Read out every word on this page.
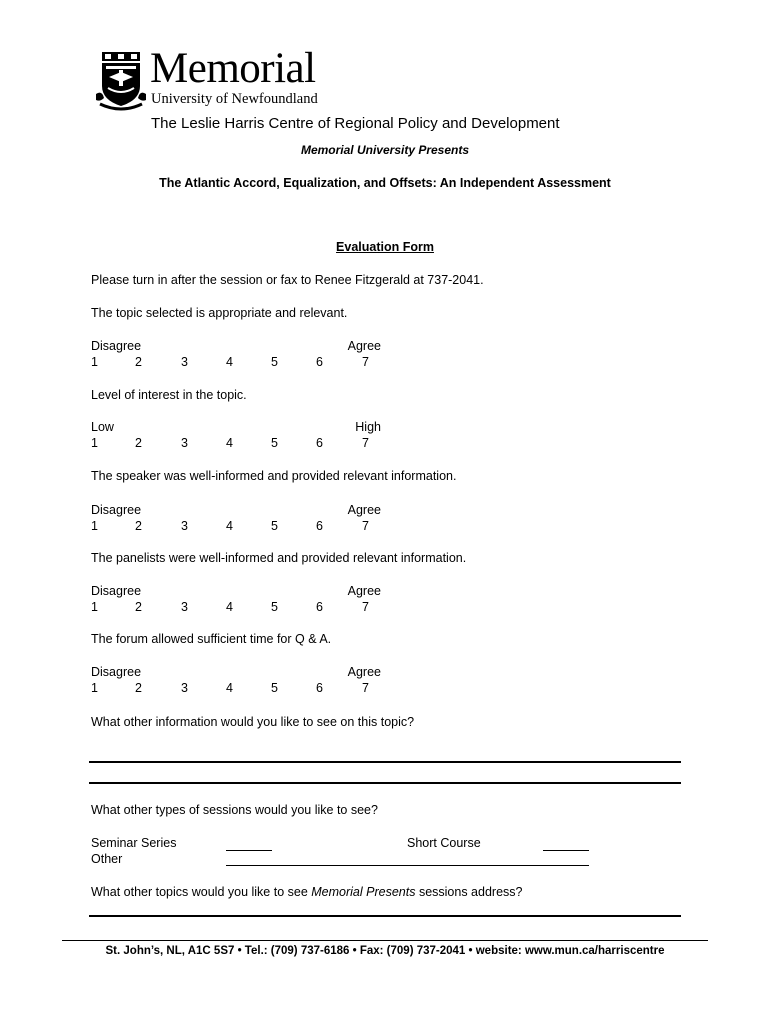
Memorial
University of Newfoundland
The Leslie Harris Centre of Regional Policy and Development
Memorial University Presents
The Atlantic Accord, Equalization, and Offsets: An Independent Assessment
Evaluation Form
Please turn in after the session or fax to Renee Fitzgerald at 737-2041.
The topic selected is appropriate and relevant.
Disagree	Agree
1	2	3	4	5	6	7
Level of interest in the topic.
Low	High
1	2	3	4	5	6	7
The speaker was well-informed and provided relevant information.
Disagree	Agree
1	2	3	4	5	6	7
The panelists were well-informed and provided relevant information.
Disagree	Agree
1	2	3	4	5	6	7
The forum allowed sufficient time for Q & A.
Disagree	Agree
1	2	3	4	5	6	7
What other information would you like to see on this topic?
What other types of sessions would you like to see?
Seminar Series	Short Course
Other
What other topics would you like to see Memorial Presents sessions address?
St. John’s, NL, A1C 5S7 • Tel.: (709) 737-6186 • Fax: (709) 737-2041 • website: www.mun.ca/harriscentre
